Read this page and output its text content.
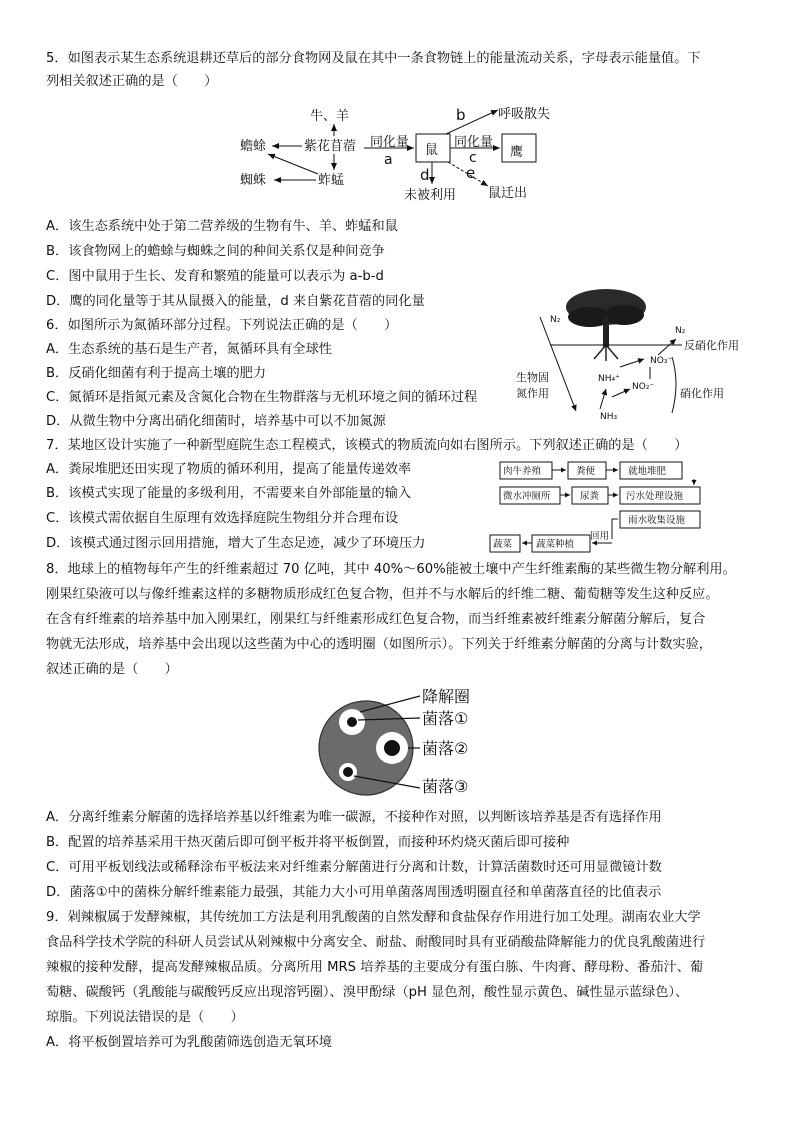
5．如图表示某生态系统退耕还草后的部分食物网及鼠在其中一条食物链上的能量流动关系，字母表示能量值。下
列相关叙述正确的是（　　）
牛、羊
紫花苜蓿
蟾蜍
蜘蛛	蚱蜢
同化量
a
鼠
同化量
c	鹰
b 呼吸散失
d
未被利用
e
鼠迁出
A．该生态系统中处于第二营养级的生物有牛、羊、蚱蜢和鼠
B．该食物网上的蟾蜍与蜘蛛之间的种间关系仅是种间竞争
C．图中鼠用于生长、发育和繁殖的能量可以表示为 a-b-d
D．鹰的同化量等于其从鼠摄入的能量，d 来自紫花苜蓿的同化量
6．如图所示为氮循环部分过程。下列说法正确的是（　　）
A．生态系统的基石是生产者，氮循环具有全球性
B．反硝化细菌有利于提高土壤的肥力
C．氮循环是指氮元素及含氮化合物在生物群落与无机环境之间的循环过程
D．从微生物中分离出硝化细菌时，培养基中可以不加氮源
N₂
N₂
NH₄⁺
NO₃⁻
NO₂⁻
NH₃
反硝化作用
生物固
氮作用	硝化作用
7．某地区设计实施了一种新型庭院生态工程模式，该模式的物质流向如右图所示。下列叙述正确的是（　　）
A．粪尿堆肥还田实现了物质的循环利用，提高了能量传递效率
B．该模式实现了能量的多级利用，不需要来自外部能量的输入
C．该模式需依据自生原理有效选择庭院生物组分并合理布设
D．该模式通过图示回用措施，增大了生态足迹，减少了环境压力
肉牛养殖	粪便	就地堆肥
微水冲厕所	尿粪	污水处理设施
雨水收集设施
回用
蔬菜种植
蔬菜
8．地球上的植物每年产生的纤维素超过 70 亿吨，其中 40%～60%能被土壤中产生纤维素酶的某些微生物分解利用。
刚果红染液可以与像纤维素这样的多糖物质形成红色复合物，但并不与水解后的纤维二糖、葡萄糖等发生这种反应。
在含有纤维素的培养基中加入刚果红，刚果红与纤维素形成红色复合物，而当纤维素被纤维素分解菌分解后，复合
物就无法形成，培养基中会出现以这些菌为中心的透明圈（如图所示）。下列关于纤维素分解菌的分离与计数实验，
叙述正确的是（　　）
降解圈
菌落①
菌落②
菌落③
A．分离纤维素分解菌的选择培养基以纤维素为唯一碳源，不接种作对照，以判断该培养基是否有选择作用
B．配置的培养基采用干热灭菌后即可倒平板并将平板倒置，而接种环灼烧灭菌后即可接种
C．可用平板划线法或稀释涂布平板法来对纤维素分解菌进行分离和计数，计算活菌数时还可用显微镜计数
D．菌落①中的菌株分解纤维素能力最强，其能力大小可用单菌落周围透明圈直径和单菌落直径的比值表示
9．剁辣椒属于发酵辣椒，其传统加工方法是利用乳酸菌的自然发酵和食盐保存作用进行加工处理。湖南农业大学
食品科学技术学院的科研人员尝试从剁辣椒中分离安全、耐盐、耐酸同时具有亚硝酸盐降解能力的优良乳酸菌进行
辣椒的接种发酵，提高发酵辣椒品质。分离所用 MRS 培养基的主要成分有蛋白胨、牛肉膏、酵母粉、番茄汁、葡
萄糖、碳酸钙（乳酸能与碳酸钙反应出现溶钙圈）、溴甲酚绿（pH 显色剂，酸性显示黄色、碱性显示蓝绿色）、
琼脂。下列说法错误的是（　　）
A．将平板倒置培养可为乳酸菌筛选创造无氧环境
